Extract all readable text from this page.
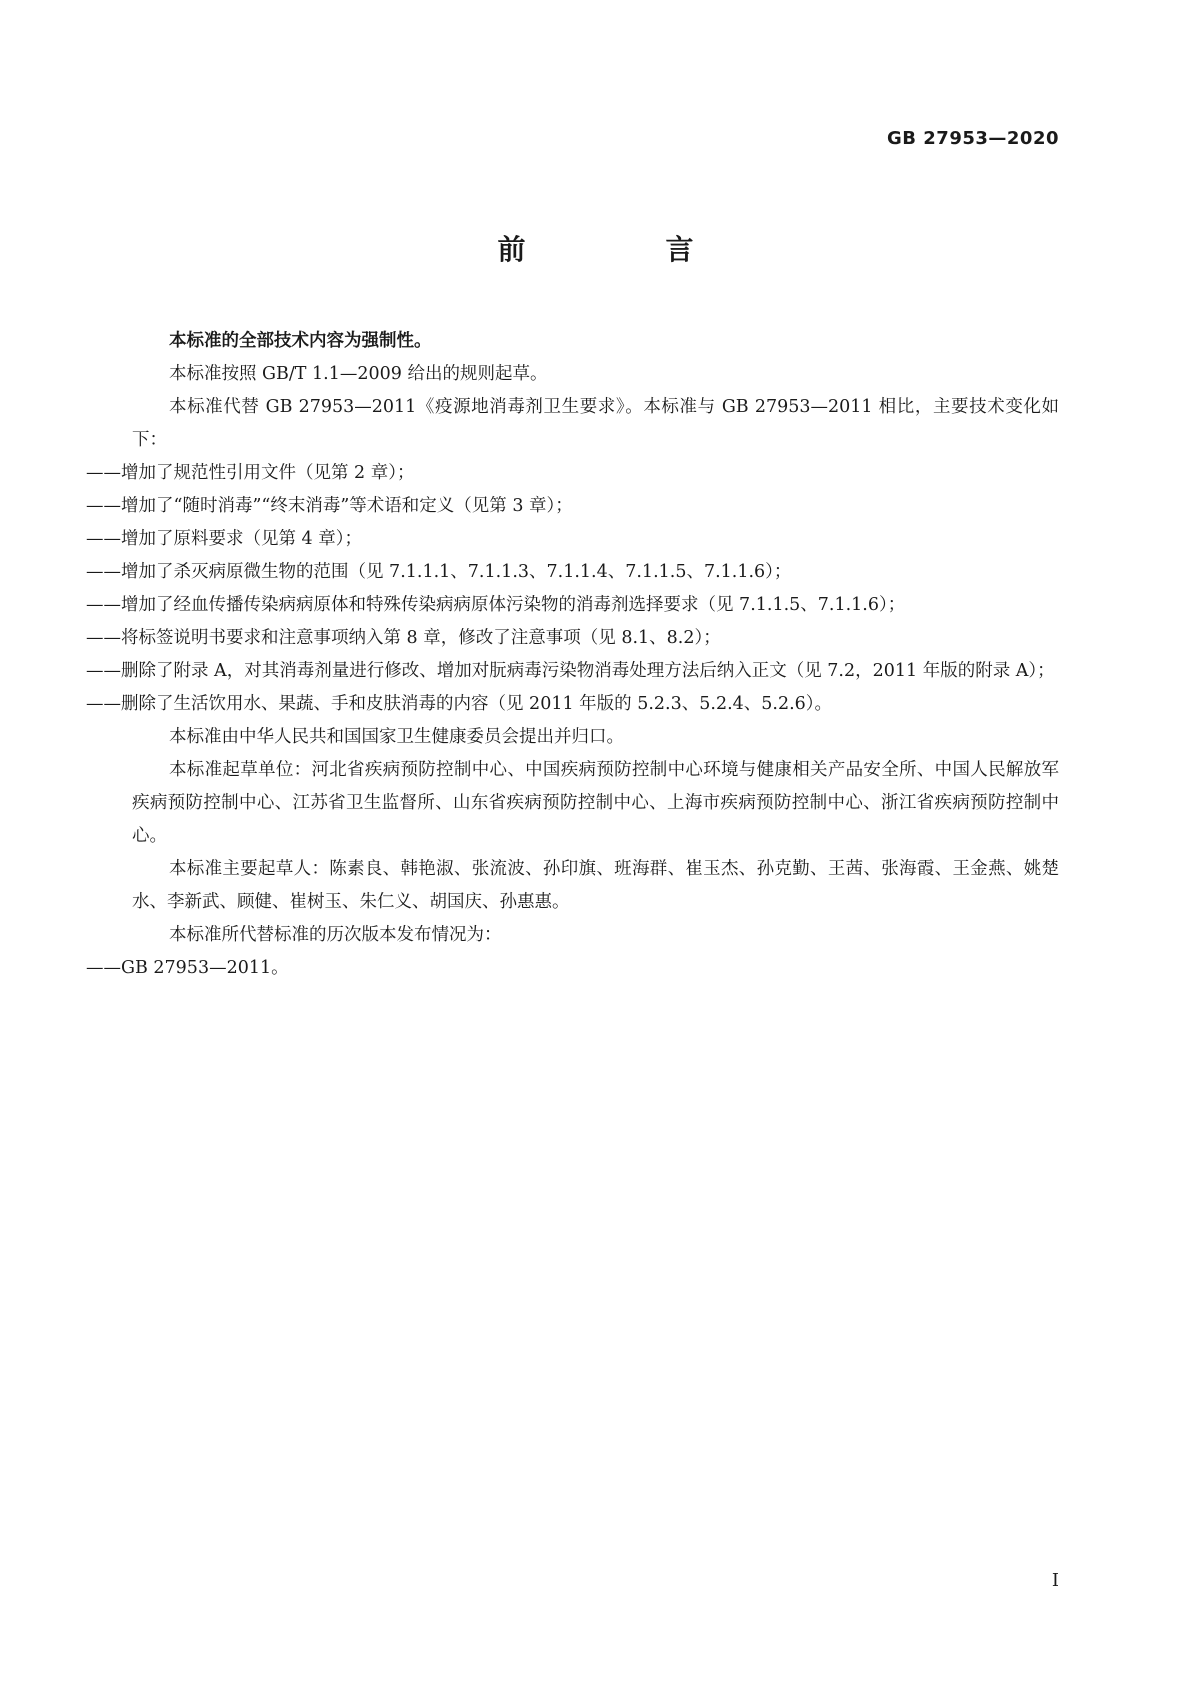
GB 27953—2020
前　言

本标准的全部技术内容为强制性。

本标准按照 GB/T 1.1—2009 给出的规则起草。

本标准代替 GB 27953—2011《疫源地消毒剂卫生要求》。本标准与 GB 27953—2011 相比，主要技术变化如下：

——增加了规范性引用文件（见第 2 章）；

——增加了“随时消毒”“终末消毒”等术语和定义（见第 3 章）；

——增加了原料要求（见第 4 章）；

——增加了杀灭病原微生物的范围（见 7.1.1.1、7.1.1.3、7.1.1.4、7.1.1.5、7.1.1.6）；

——增加了经血传播传染病病原体和特殊传染病病原体污染物的消毒剂选择要求（见 7.1.1.5、7.1.1.6）；

——将标签说明书要求和注意事项纳入第 8 章，修改了注意事项（见 8.1、8.2）；

——删除了附录 A，对其消毒剂量进行修改、增加对朊病毒污染物消毒处理方法后纳入正文（见 7.2，2011 年版的附录 A）；

——删除了生活饮用水、果蔬、手和皮肤消毒的内容（见 2011 年版的 5.2.3、5.2.4、5.2.6）。

本标准由中华人民共和国国家卫生健康委员会提出并归口。

本标准起草单位：河北省疾病预防控制中心、中国疾病预防控制中心环境与健康相关产品安全所、中国人民解放军疾病预防控制中心、江苏省卫生监督所、山东省疾病预防控制中心、上海市疾病预防控制中心、浙江省疾病预防控制中心。

本标准主要起草人：陈素良、韩艳淑、张流波、孙印旗、班海群、崔玉杰、孙克勤、王茜、张海霞、王金燕、姚楚水、李新武、顾健、崔树玉、朱仁义、胡国庆、孙惠惠。

本标准所代替标准的历次版本发布情况为：

——GB 27953—2011。

I
